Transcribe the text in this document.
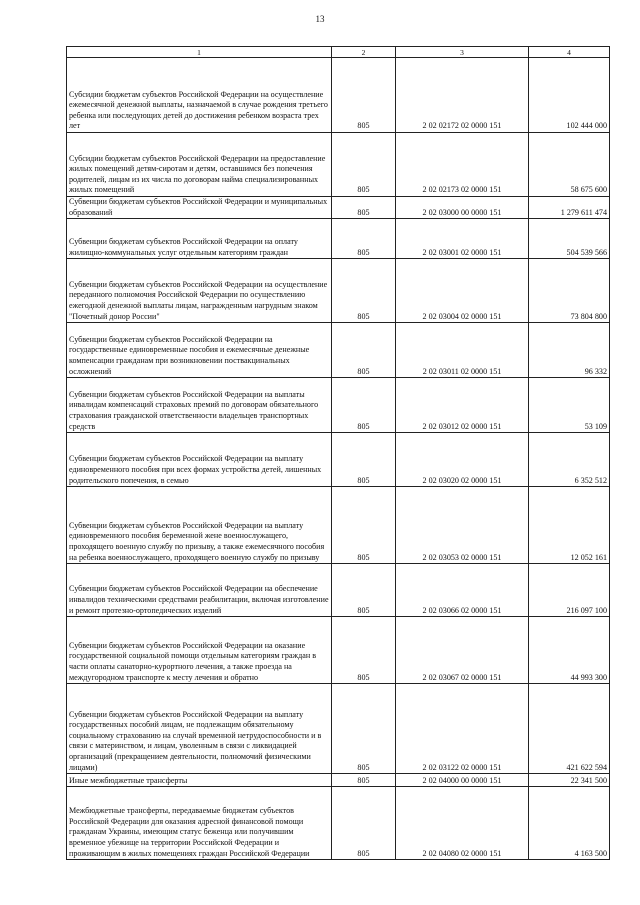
13
1	2	3	4
Субсидии бюджетам субъектов Российской Федерации на осуществление ежемесячной денежной выплаты, назначаемой в случае рождения третьего ребенка или последующих детей до достижения ребенком возраста трех лет	805	2 02 02172 02 0000 151	102 444 000
Субсидии бюджетам субъектов Российской Федерации на предоставление жилых помещений детям-сиротам и детям, оставшимся без попечения родителей, лицам из их числа по договорам найма специализированных жилых помещений	805	2 02 02173 02 0000 151	58 675 600
Субвенции бюджетам субъектов Российской Федерации и муниципальных образований	805	2 02 03000 00 0000 151	1 279 611 474
Субвенции бюджетам субъектов Российской Федерации на оплату жилищно-коммунальных услуг отдельным категориям граждан	805	2 02 03001 02 0000 151	504 539 566
Субвенции бюджетам субъектов Российской Федерации на осуществление переданного полномочия Российской Федерации по осуществлению ежегодной денежной выплаты лицам, награжденным нагрудным знаком "Почетный донор России"	805	2 02 03004 02 0000 151	73 804 800
Субвенции бюджетам субъектов Российской Федерации на государственные единовременные пособия и ежемесячные денежные компенсации гражданам при возникновении поствакцинальных осложнений	805	2 02 03011 02 0000 151	96 332
Субвенции бюджетам субъектов Российской Федерации на выплаты инвалидам компенсаций страховых премий по договорам обязательного страхования гражданской ответственности владельцев транспортных средств	805	2 02 03012 02 0000 151	53 109
Субвенции бюджетам субъектов Российской Федерации на выплату единовременного пособия при всех формах устройства детей, лишенных родительского попечения, в семью	805	2 02 03020 02 0000 151	6 352 512
Субвенции бюджетам субъектов Российской Федерации на выплату единовременного пособия беременной жене военнослужащего, проходящего военную службу по призыву, а также ежемесячного пособия на ребенка военнослужащего, проходящего военную службу по призыву	805	2 02 03053 02 0000 151	12 052 161
Субвенции бюджетам субъектов Российской Федерации на обеспечение инвалидов техническими средствами реабилитации, включая изготовление и ремонт протезно-ортопедических изделий	805	2 02 03066 02 0000 151	216 097 100
Субвенции бюджетам субъектов Российской Федерации на оказание государственной социальной помощи отдельным категориям граждан в части оплаты санаторно-курортного лечения, а также проезда на междугородном транспорте к месту лечения и обратно	805	2 02 03067 02 0000 151	44 993 300
Субвенции бюджетам субъектов Российской Федерации на выплату государственных пособий лицам, не подлежащим обязательному социальному страхованию на случай временной нетрудоспособности и в связи с материнством, и лицам, уволенным в связи с ликвидацией организаций (прекращением деятельности, полномочий физическими лицами)	805	2 02 03122 02 0000 151	421 622 594
Иные межбюджетные трансферты	805	2 02 04000 00 0000 151	22 341 500
Межбюджетные трансферты, передаваемые бюджетам субъектов Российской Федерации для оказания адресной финансовой помощи гражданам Украины, имеющим статус беженца или получившим временное убежище на территории Российской Федерации и проживающим в жилых помещениях граждан Российской Федерации	805	2 02 04080 02 0000 151	4 163 500
